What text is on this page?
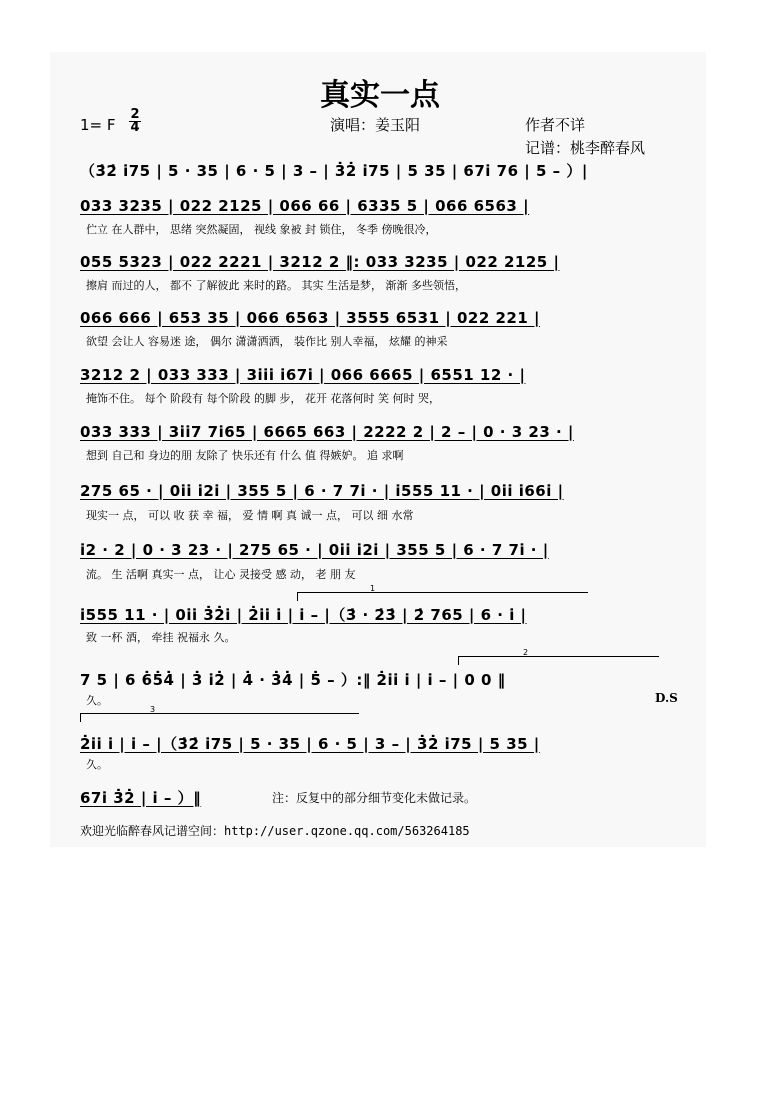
真实一点
1= F
2
4	演唱：姜玉阳	作者不详
记谱：桃李醉春风
（3̇2̇ i̇75 | 5 · 35 | 6 · 5 | 3 – | 3̇2̇ i̇75 | 5 35 | 67i̇ 76 | 5 – ）|
033 3235 | 022 2125 | 066 66 | 6335 5 | 066 6563 |
伫立 在人群中， 思绪 突然凝固， 视线 象被 封 锁住， 冬季 傍晚很冷，
055 5323 | 022 2221 | 3212 2 ‖: 033 3235 | 022 2125 |
擦肩 而过的人， 都不 了解彼此 来时的路。 其实 生活是梦， 渐渐 多些领悟，
066 666 | 653 35 | 066 6563 | 3555 6531 | 022 221 |
欲望 会让人 容易迷 途， 偶尔 潇潇洒洒， 装作比 别人幸福， 炫耀 的神采
3212 2 | 033 333 | 3i̇i̇i̇ i̇67i̇ | 066 6665 | 6551 12 · |
掩饰不住。 每个 阶段有 每个阶段 的脚 步， 花开 花落何时 笑 何时 哭，
033 333 | 3i̇i̇7 7i̇65 | 6665 663 | 2222 2 | 2 – | 0 · 3 23 · |
想到 自己和 身边的朋 友除了 快乐还有 什么 值 得嫉妒。 追 求啊
275 65 · | 0i̇i̇ i̇2i̇ | 355 5 | 6 · 7 7i̇ · | i̇555 11 · | 0i̇i̇ i̇66i̇ |
现实一 点， 可以 收 获 幸 福， 爱 情 啊 真 诚一 点， 可以 细 水常
i̇2 · 2 | 0 · 3 23 · | 275 65 · | 0i̇i̇ i̇2i̇ | 355 5 | 6 · 7 7i̇ · |
流。 生 活啊 真实一 点， 让心 灵接受 感 动， 老 朋 友
1
i̇555 11 · | 0i̇i̇ 3̇2̇i̇ | 2̇i̇i̇ i̇ | i̇ – |（3̇ · 2̇3̇ | 2̇ 765 | 6 · i̇ |
致 一杯 酒， 牵挂 祝福永 久。
2
7 5 | 6 6̇5̇4̇ | 3̇ i̇2̇ | 4̇ · 3̇4̇ | 5̇ – ）:‖ 2̇i̇i̇ i̇ | i̇ – | 0 0 ‖
久。	D.S
3
2̇i̇i̇ i̇ | i̇ – |（3̇2̇ i̇75 | 5 · 35 | 6 · 5 | 3 – | 3̇2̇ i̇75 | 5 35 |
久。
67i̇ 3̇2̇ | i̇ – ）‖	注：反复中的部分细节变化未做记录。
欢迎光临醉春风记谱空间：http://user.qzone.qq.com/563264185
